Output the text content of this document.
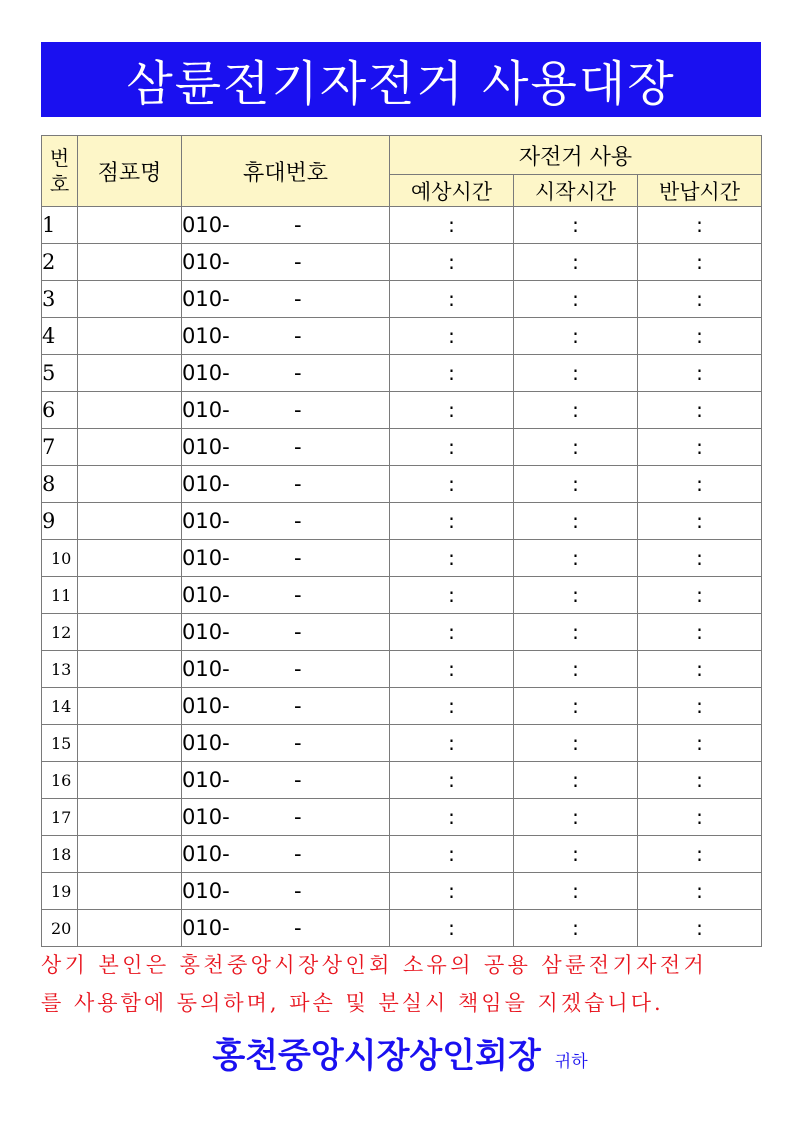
삼륜전기자전거 사용대장
번호	점포명	휴대번호	자전거 사용		
			예상시간	시작시간	반납시간
1		010- -	:	:	:
2		010- -	:	:	:
3		010- -	:	:	:
4		010- -	:	:	:
5		010- -	:	:	:
6		010- -	:	:	:
7		010- -	:	:	:
8		010- -	:	:	:
9		010- -	:	:	:
10		010- -	:	:	:
11		010- -	:	:	:
12		010- -	:	:	:
13		010- -	:	:	:
14		010- -	:	:	:
15		010- -	:	:	:
16		010- -	:	:	:
17		010- -	:	:	:
18		010- -	:	:	:
19		010- -	:	:	:
20		010- -	:	:	:
상기 본인은 홍천중앙시장상인회 소유의 공용 삼륜전기자전거
를 사용함에 동의하며, 파손 및 분실시 책임을 지겠습니다.
홍천중앙시장상인회장 귀하
